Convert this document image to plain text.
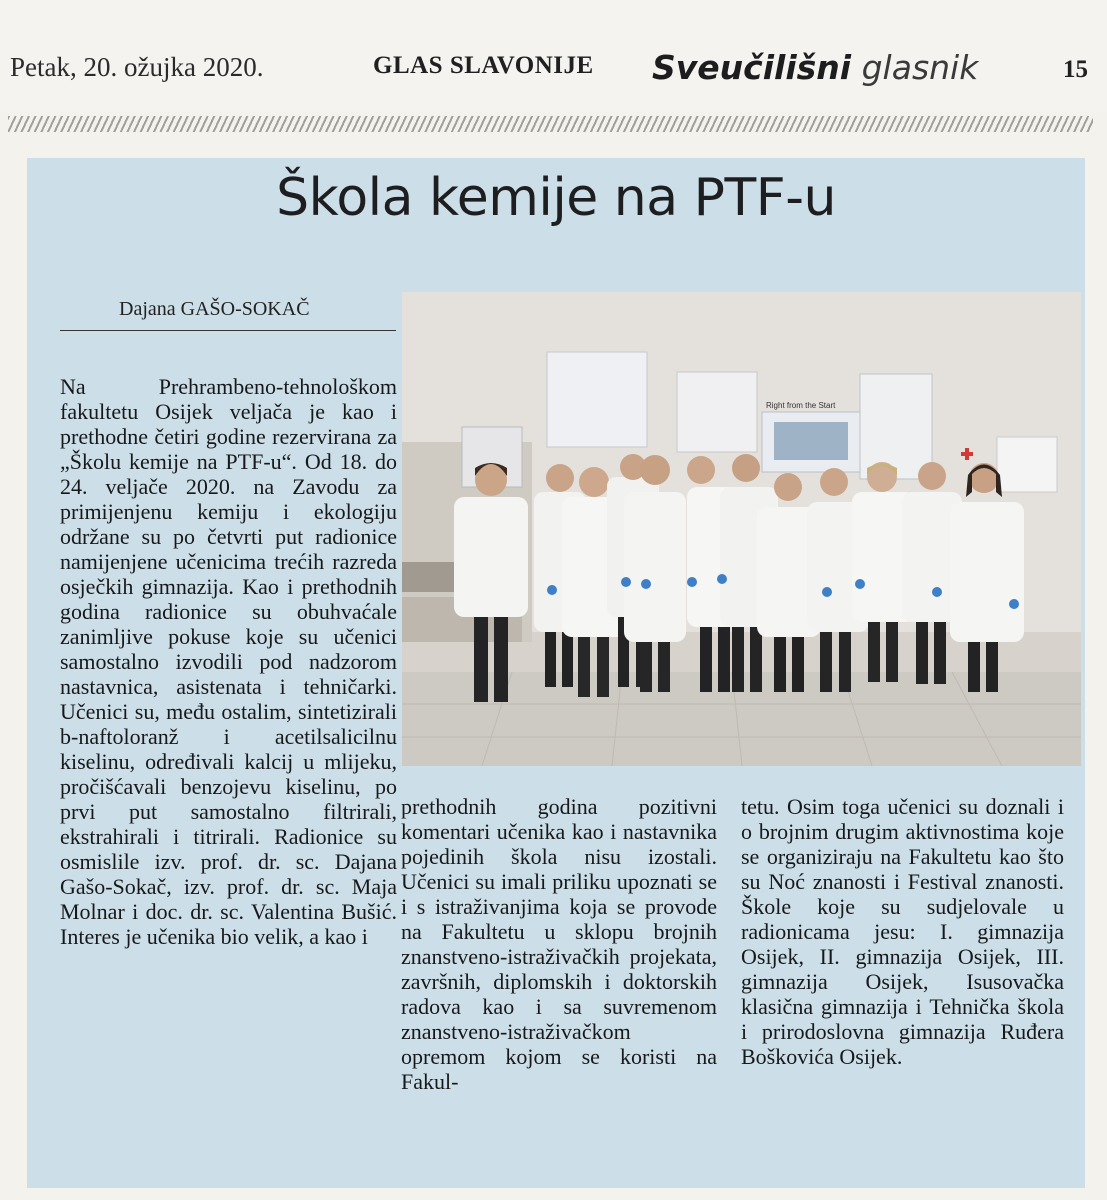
Petak, 20. ožujka 2020.	GLAS SLAVONIJE Sveučilišni glasnik	15
Škola kemije na PTF-u
Dajana GAŠO-SOKAČ
Right from the Start

Na Prehrambeno-tehnološkom fakultetu Osijek veljača je kao i prethodne četiri godine rezervirana za „Školu kemije na PTF-u“. Od 18. do 24. veljače 2020. na Zavodu za primijenjenu kemiju i ekologiju održane su po četvrti put radionice namijenjene učenicima trećih razreda osječkih gimnazija. Kao i prethodnih godina radionice su obuhvaćale zanimljive pokuse koje su učenici samostalno izvodili pod nadzorom nastavnica, asistenata i tehničarki. Učenici su, među ostalim, sintetizirali b-naftoloranž i acetilsalicilnu kiselinu, određivali kalcij u mlijeku, pročišćavali benzojevu kiselinu, po prvi put samostalno filtrirali, ekstrahirali i titrirali. Radionice su osmislile izv. prof. dr. sc. Dajana Gašo-Sokač, izv. prof. dr. sc. Maja Molnar i doc. dr. sc. Valentina Bušić. Interes je učenika bio velik, a kao i

prethodnih godina pozitivni komentari učenika kao i nastavnika pojedinih škola nisu izostali. Učenici su imali priliku upoznati se i s istraživanjima koja se provode na Fakultetu u sklopu brojnih znanstveno-istraživačkih projekata, završnih, diplomskih i doktorskih radova kao i sa suvremenom znanstveno-istraživačkom opremom kojom se koristi na Fakul-

tetu. Osim toga učenici su doznali i o brojnim drugim aktivnostima koje se organiziraju na Fakultetu kao što su Noć znanosti i Festival znanosti. Škole koje su sudjelovale u radionicama jesu: I. gimnazija Osijek, II. gimnazija Osijek, III. gimnazija Osijek, Isusovačka klasična gimnazija i Tehnička škola i prirodoslovna gimnazija Ruđera Boškovića Osijek.
